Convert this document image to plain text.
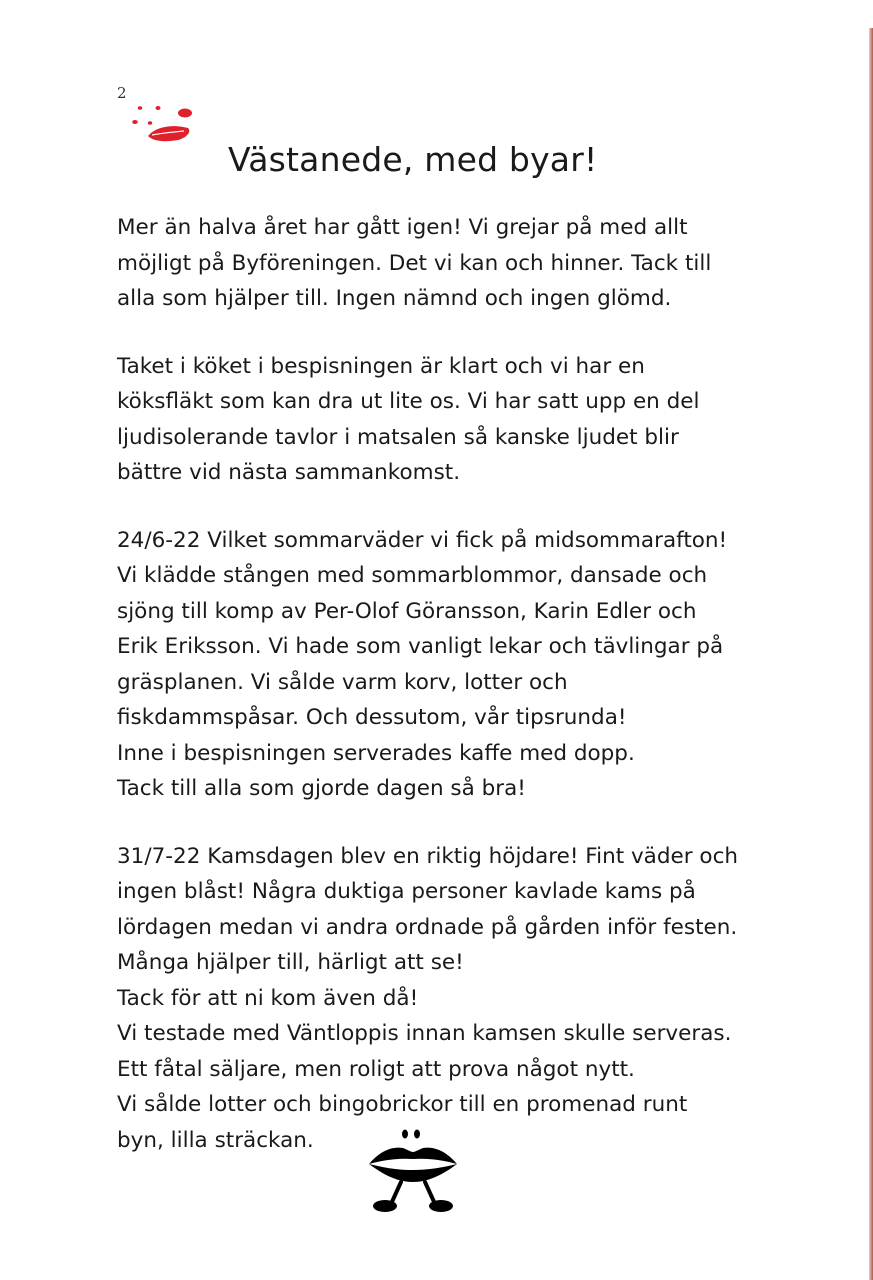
2
Västanede, med byar!
Mer än halva året har gått igen! Vi grejar på med allt
möjligt på Byföreningen. Det vi kan och hinner. Tack till
alla som hjälper till. Ingen nämnd och ingen glömd.
Taket i köket i bespisningen är klart och vi har en
köksfläkt som kan dra ut lite os. Vi har satt upp en del
ljudisolerande tavlor i matsalen så kanske ljudet blir
bättre vid nästa sammankomst.
24/6-22 Vilket sommarväder vi fick på midsommarafton!
Vi klädde stången med sommarblommor, dansade och
sjöng till komp av Per-Olof Göransson, Karin Edler och
Erik Eriksson. Vi hade som vanligt lekar och tävlingar på
gräsplanen. Vi sålde varm korv, lotter och
fiskdammspåsar. Och dessutom, vår tipsrunda!
Inne i bespisningen serverades kaffe med dopp.
Tack till alla som gjorde dagen så bra!
31/7-22 Kamsdagen blev en riktig höjdare! Fint väder och
ingen blåst! Några duktiga personer kavlade kams på
lördagen medan vi andra ordnade på gården inför festen.
Många hjälper till, härligt att se!
Tack för att ni kom även då!
Vi testade med Väntloppis innan kamsen skulle serveras.
Ett fåtal säljare, men roligt att prova något nytt.
Vi sålde lotter och bingobrickor till en promenad runt
byn, lilla sträckan.
